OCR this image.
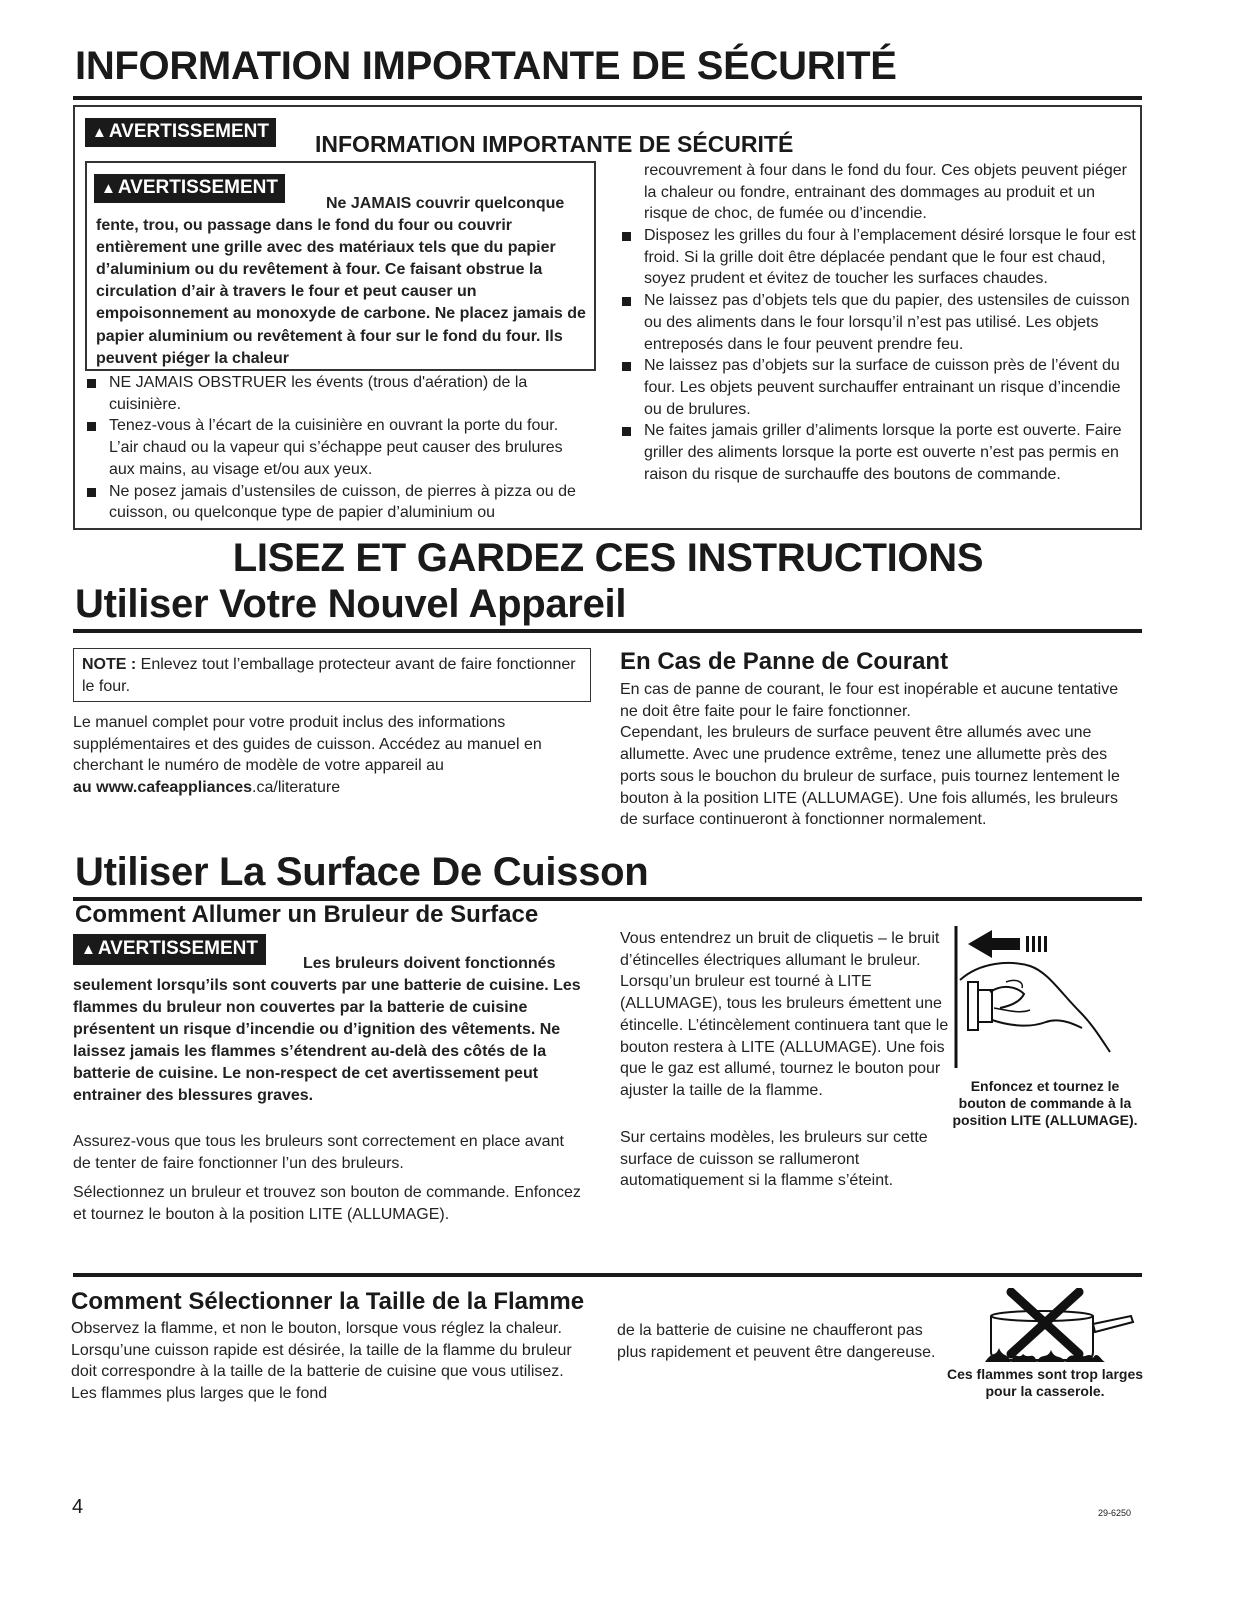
INFORMATION IMPORTANTE DE SÉCURITÉ
▲ AVERTISSEMENT	INFORMATION IMPORTANTE DE SÉCURITÉ
▲ AVERTISSEMENT
Ne JAMAIS couvrir quelconque fente, trou, ou passage dans le fond du four ou couvrir entièrement une grille avec des matériaux tels que du papier d’aluminium ou du revêtement à four. Ce faisant obstrue la circulation d’air à travers le four et peut causer un empoisonnement au monoxyde de carbone. Ne placez jamais de papier aluminium ou revêtement à four sur le fond du four. Ils peuvent piéger la chaleur
NE JAMAIS OBSTRUER les évents (trous d'aération) de la cuisinière.
Tenez-vous à l’écart de la cuisinière en ouvrant la porte du four. L’air chaud ou la vapeur qui s’échappe peut causer des brulures aux mains, au visage et/ou aux yeux.
Ne posez jamais d’ustensiles de cuisson, de pierres à pizza ou de cuisson, ou quelconque type de papier d’aluminium ou
recouvrement à four dans le fond du four. Ces objets peuvent piéger la chaleur ou fondre, entrainant des dommages au produit et un risque de choc, de fumée ou d’incendie.
Disposez les grilles du four à l’emplacement désiré lorsque le four est froid. Si la grille doit être déplacée pendant que le four est chaud, soyez prudent et évitez de toucher les surfaces chaudes.
Ne laissez pas d’objets tels que du papier, des ustensiles de cuisson ou des aliments dans le four lorsqu’il n’est pas utilisé. Les objets entreposés dans le four peuvent prendre feu.
Ne laissez pas d’objets sur la surface de cuisson près de l’évent du four. Les objets peuvent surchauffer entrainant un risque d’incendie ou de brulures.
Ne faites jamais griller d’aliments lorsque la porte est ouverte. Faire griller des aliments lorsque la porte est ouverte n’est pas permis en raison du risque de surchauffe des boutons de commande.
LISEZ ET GARDEZ CES INSTRUCTIONS
Utiliser Votre Nouvel Appareil
NOTE : Enlevez tout l’emballage protecteur avant de faire fonctionner le four.
Le manuel complet pour votre produit inclus des informations supplémentaires et des guides de cuisson. Accédez au manuel en cherchant le numéro de modèle de votre appareil au
au www.cafeappliances.ca/literature
En Cas de Panne de Courant
En cas de panne de courant, le four est inopérable et aucune tentative ne doit être faite pour le faire fonctionner.
Cependant, les bruleurs de surface peuvent être allumés avec une allumette. Avec une prudence extrême, tenez une allumette près des ports sous le bouchon du bruleur de surface, puis tournez lentement le bouton à la position LITE (ALLUMAGE). Une fois allumés, les bruleurs de surface continueront à fonctionner normalement.
Utiliser La Surface De Cuisson
Comment Allumer un Bruleur de Surface
▲ AVERTISSEMENT
Les bruleurs doivent fonctionnés seulement lorsqu’ils sont couverts par une batterie de cuisine. Les flammes du bruleur non couvertes par la batterie de cuisine présentent un risque d’incendie ou d’ignition des vêtements. Ne laissez jamais les flammes s’étendrent au-delà des côtés de la batterie de cuisine. Le non-respect de cet avertissement peut entrainer des blessures graves.
Assurez-vous que tous les bruleurs sont correctement en place avant de tenter de faire fonctionner l’un des bruleurs.
Sélectionnez un bruleur et trouvez son bouton de commande. Enfoncez et tournez le bouton à la position LITE (ALLUMAGE).
Vous entendrez un bruit de cliquetis – le bruit d’étincelles électriques allumant le bruleur. Lorsqu’un bruleur est tourné à LITE (ALLUMAGE), tous les bruleurs émettent une étincelle. L’étincèlement continuera tant que le bouton restera à LITE (ALLUMAGE). Une fois que le gaz est allumé, tournez le bouton pour ajuster la taille de la flamme.
Sur certains modèles, les bruleurs sur cette surface de cuisson se rallumeront automatiquement si la flamme s’éteint.
Enfoncez et tournez le bouton de commande à la position LITE (ALLUMAGE).
Comment Sélectionner la Taille de la Flamme
Observez la flamme, et non le bouton, lorsque vous réglez la chaleur. Lorsqu’une cuisson rapide est désirée, la taille de la flamme du bruleur doit correspondre à la taille de la batterie de cuisine que vous utilisez. Les flammes plus larges que le fond
de la batterie de cuisine ne chaufferont pas plus rapidement et peuvent être dangereuse.
Ces flammes sont trop larges pour la casserole.
4	29-6250
